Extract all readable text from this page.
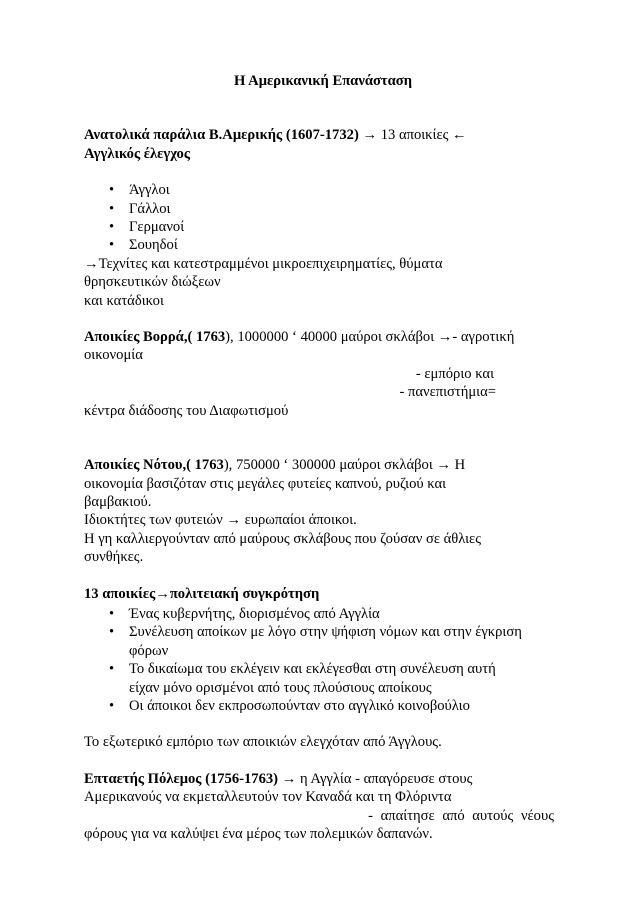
Η Αμερικανική Επανάσταση
Ανατολικά παράλια Β.Αμερικής (1607-1732) → 13 αποικίες ←
Αγγλικός έλεγχος
• Άγγλοι
• Γάλλοι
• Γερμανοί
• Σουηδοί
→Τεχνίτες και κατεστραμμένοι μικροεπιχειρηματίες, θύματα
θρησκευτικών διώξεων
και κατάδικοι
Αποικίες Βορρά,( 1763), 1000000 ‘ 40000 μαύροι σκλάβοι →- αγροτική
οικονομία
- εμπόριο και
- πανεπιστήμια=
κέντρα διάδοσης του Διαφωτισμού
Αποικίες Νότου,( 1763), 750000 ‘ 300000 μαύροι σκλάβοι → Η
οικονομία βασιζόταν στις μεγάλες φυτείες καπνού, ρυζιού και
βαμβακιού.
Ιδιοκτήτες των φυτειών → ευρωπαίοι άποικοι.
Η γη καλλιεργούνταν από μαύρους σκλάβους που ζούσαν σε άθλιες
συνθήκες.
13 αποικίες→πολιτειακή συγκρότηση
• Ένας κυβερνήτης, διορισμένος από Αγγλία
• Συνέλευση αποίκων με λόγο στην ψήφιση νόμων και στην έγκριση
φόρων
• Το δικαίωμα του εκλέγειν και εκλέγεσθαι στη συνέλευση αυτή
είχαν μόνο ορισμένοι από τους πλούσιους αποίκους
• Οι άποικοι δεν εκπροσωπούνταν στο αγγλικό κοινοβούλιο
Το εξωτερικό εμπόριο των αποικιών ελεγχόταν από Άγγλους.
Επταετής Πόλεμος (1756-1763) → η Αγγλία - απαγόρευσε στους
Αμερικανούς να εκμεταλλευτούν τον Καναδά και τη Φλόριντα
- απαίτησε από αυτούς νέους
φόρους για να καλύψει ένα μέρος των πολεμικών δαπανών.
